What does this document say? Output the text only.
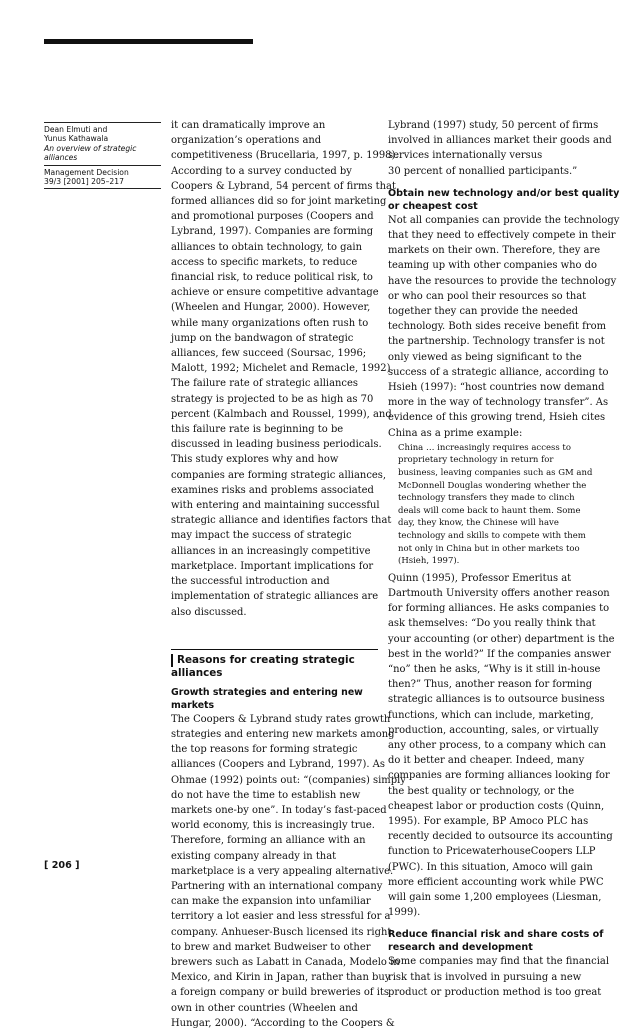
Dean Elmuti and
Yunus Kathawala
An overview of strategic
alliances
Management Decision
39/3 [2001] 205–217
it can dramatically improve an
organization’s operations and
competitiveness (Brucellaria, 1997, p. 1998).
According to a survey conducted by
Coopers & Lybrand, 54 percent of firms that
formed alliances did so for joint marketing
and promotional purposes (Coopers and
Lybrand, 1997). Companies are forming
alliances to obtain technology, to gain
access to specific markets, to reduce
financial risk, to reduce political risk, to
achieve or ensure competitive advantage
(Wheelen and Hungar, 2000). However,
while many organizations often rush to
jump on the bandwagon of strategic
alliances, few succeed (Soursac, 1996;
Malott, 1992; Michelet and Remacle, 1992).
The failure rate of strategic alliances
strategy is projected to be as high as 70
percent (Kalmbach and Roussel, 1999), and
this failure rate is beginning to be
discussed in leading business periodicals.
This study explores why and how
companies are forming strategic alliances,
examines risks and problems associated
with entering and maintaining successful
strategic alliance and identifies factors that
may impact the success of strategic
alliances in an increasingly competitive
marketplace. Important implications for
the successful introduction and
implementation of strategic alliances are
also discussed.
Reasons for creating strategic
alliances
Growth strategies and entering new
markets
The Coopers & Lybrand study rates growth
strategies and entering new markets among
the top reasons for forming strategic
alliances (Coopers and Lybrand, 1997). As
Ohmae (1992) points out: “(companies) simply
do not have the time to establish new
markets one-by one”. In today’s fast-paced
world economy, this is increasingly true.
Therefore, forming an alliance with an
existing company already in that
marketplace is a very appealing alternative.
Partnering with an international company
can make the expansion into unfamiliar
territory a lot easier and less stressful for a
company. Anhueser-Busch licensed its right
to brew and market Budweiser to other
brewers such as Labatt in Canada, Modelo in
Mexico, and Kirin in Japan, rather than buy
a foreign company or build breweries of its
own in other countries (Wheelen and
Hungar, 2000). “According to the Coopers &
Lybrand (1997) study, 50 percent of firms
involved in alliances market their goods and
services internationally versus
30 percent of nonallied participants.”
Obtain new technology and/or best quality
or cheapest cost
Not all companies can provide the technology
that they need to effectively compete in their
markets on their own. Therefore, they are
teaming up with other companies who do
have the resources to provide the technology
or who can pool their resources so that
together they can provide the needed
technology. Both sides receive benefit from
the partnership. Technology transfer is not
only viewed as being significant to the
success of a strategic alliance, according to
Hsieh (1997): “host countries now demand
more in the way of technology transfer”. As
evidence of this growing trend, Hsieh cites
China as a prime example:
China … increasingly requires access to
proprietary technology in return for
business, leaving companies such as GM and
McDonnell Douglas wondering whether the
technology transfers they made to clinch
deals will come back to haunt them. Some
day, they know, the Chinese will have
technology and skills to compete with them
not only in China but in other markets too
(Hsieh, 1997).
Quinn (1995), Professor Emeritus at
Dartmouth University offers another reason
for forming alliances. He asks companies to
ask themselves: “Do you really think that
your accounting (or other) department is the
best in the world?” If the companies answer
“no” then he asks, “Why is it still in-house
then?” Thus, another reason for forming
strategic alliances is to outsource business
functions, which can include, marketing,
production, accounting, sales, or virtually
any other process, to a company which can
do it better and cheaper. Indeed, many
companies are forming alliances looking for
the best quality or technology, or the
cheapest labor or production costs (Quinn,
1995). For example, BP Amoco PLC has
recently decided to outsource its accounting
function to PricewaterhouseCoopers LLP
(PWC). In this situation, Amoco will gain
more efficient accounting work while PWC
will gain some 1,200 employees (Liesman,
1999).
Reduce financial risk and share costs of
research and development
Some companies may find that the financial
risk that is involved in pursuing a new
product or production method is too great
[ 206 ]
